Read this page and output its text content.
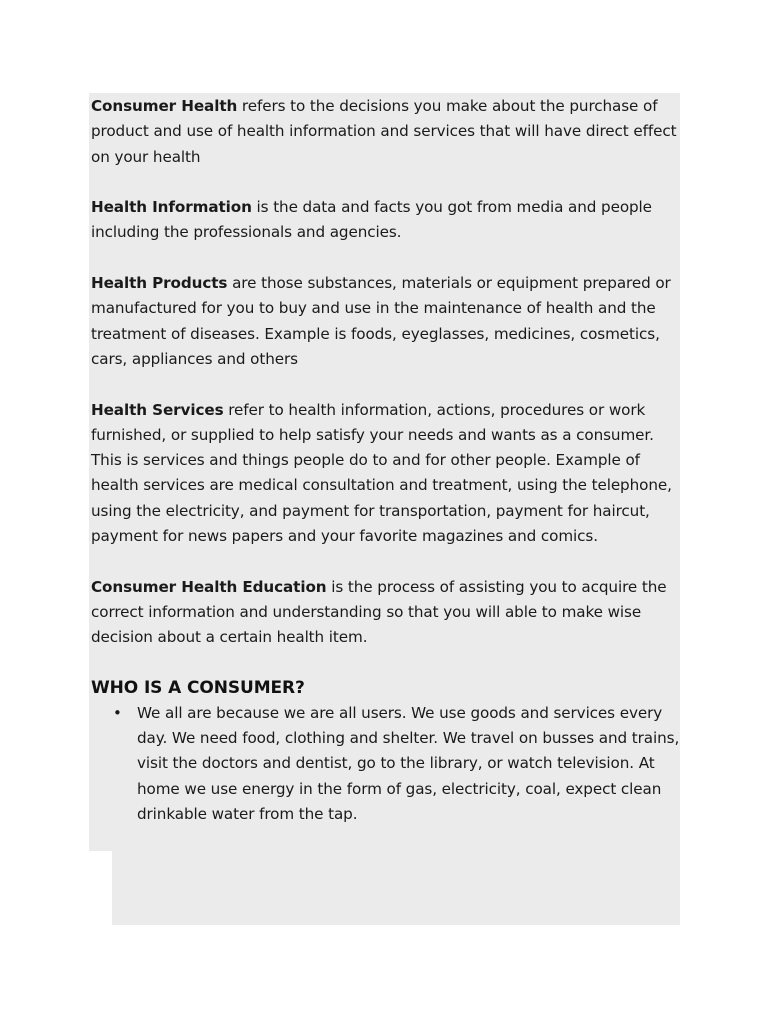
Consumer Health refers to the decisions you make about the purchase of product and use of health information and services that will have direct effect on your health

Health Information is the data and facts you got from media and people including the professionals and agencies.

Health Products are those substances, materials or equipment prepared or manufactured for you to buy and use in the maintenance of health and the treatment of diseases. Example is foods, eyeglasses, medicines, cosmetics, cars, appliances and others

Health Services refer to health information, actions, procedures or work furnished, or supplied to help satisfy your needs and wants as a consumer. This is services and things people do to and for other people. Example of health services are medical consultation and treatment, using the telephone, using the electricity, and payment for transportation, payment for haircut, payment for news papers and your favorite magazines and comics.

Consumer Health Education is the process of assisting you to acquire the correct information and understanding so that you will able to make wise decision about a certain health item.

WHO IS A CONSUMER?
• We all are because we are all users. We use goods and services every day. We need food, clothing and shelter. We travel on busses and trains, visit the doctors and dentist, go to the library, or watch television. At home we use energy in the form of gas, electricity, coal, expect clean drinkable water from the tap.
